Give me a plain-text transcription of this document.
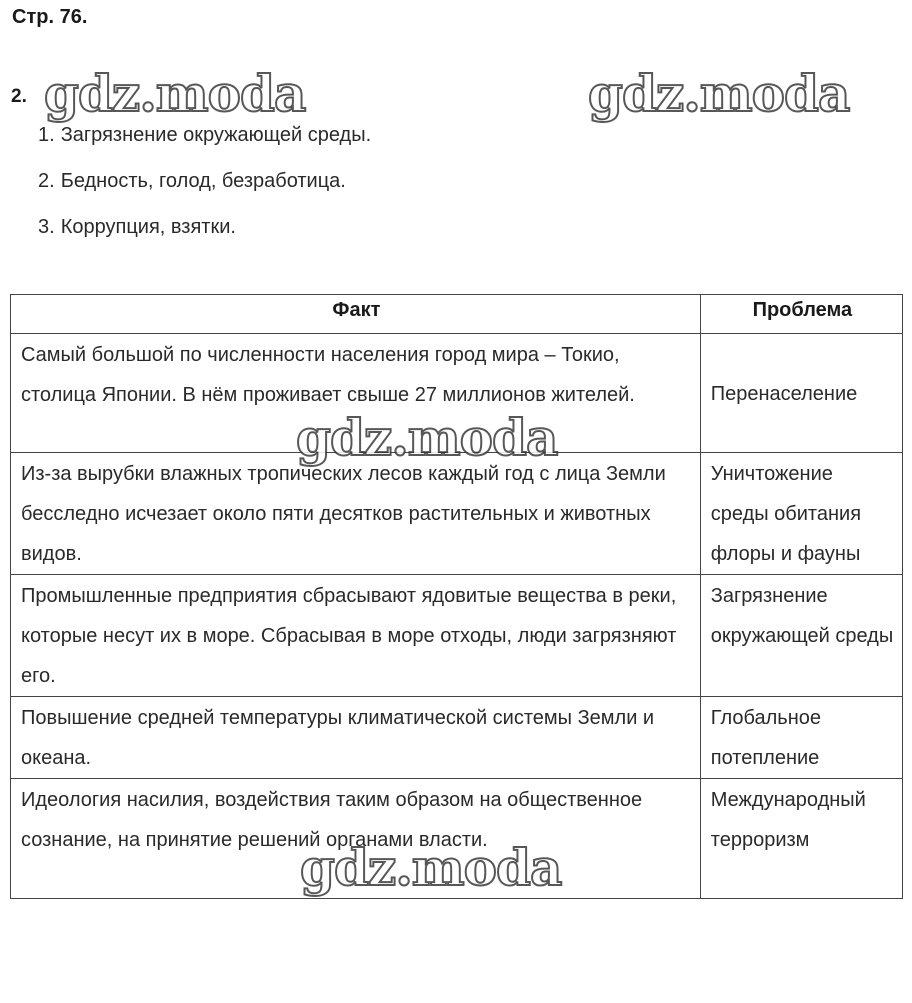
Стр. 76.
2.
1. Загрязнение окружающей среды.
2. Бедность, голод, безработица.
3. Коррупция, взятки.
Факт	Проблема
Самый большой по численности населения город мира – Токио, столица Японии. В нём проживает свыше 27 миллионов жителей.	Перенаселение
Из-за вырубки влажных тропических лесов каждый год с лица Земли бесследно исчезает около пяти десятков растительных и животных видов.	Уничтожение среды обитания флоры и фауны
Промышленные предприятия сбрасывают ядовитые вещества в реки, которые несут их в море. Сбрасывая в море отходы, люди загрязняют его.	Загрязнение окружающей среды
Повышение средней температуры климатической системы Земли и океана.	Глобальное потепление
Идеология насилия, воздействия таким образом на общественное сознание, на принятие решений органами власти.	Международный терроризм
gdz.moda	gdz.moda
gdz.moda
gdz.moda
